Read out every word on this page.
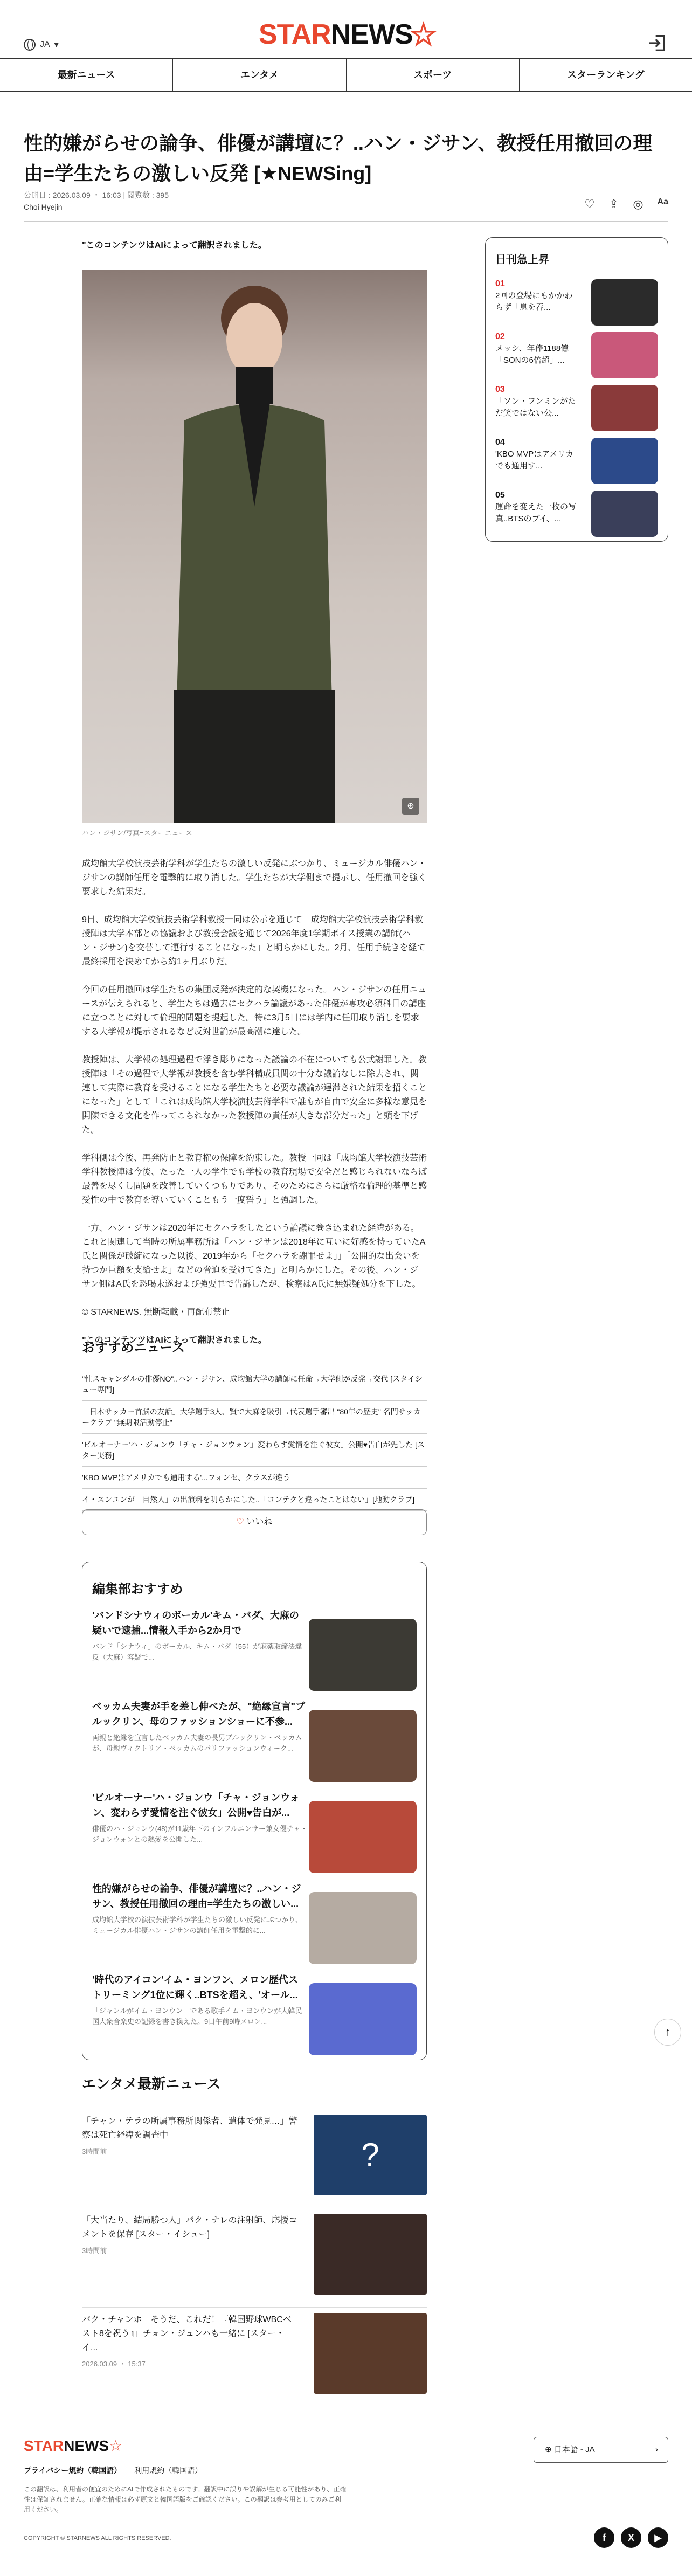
JA ▾	STAR NEWS
☆
最新ニュース	エンタメ	スポーツ	スターランキング
性的嫌がらせの論争、俳優が講壇に？..ハン・ジサン、教授任用撤回の理由=学生たちの激しい反発 [★NEWSing]
公開日 : 2026.03.09 ・ 16:03 | 閲覧数 : 395
Choi Hyejin	♡ ⇪ ◎ Aa
"このコンテンツはAIによって翻訳されました。
⊕
ハン・ジサン/写真=スターニュース

成均館大学校演技芸術学科が学生たちの激しい反発にぶつかり、ミュージカル俳優ハン・ジサンの講師任用を電撃的に取り消した。学生たちが大学側まで提示し、任用撤回を強く要求した結果だ。

9日、成均館大学校演技芸術学科教授一同は公示を通じて「成均館大学校演技芸術学科教授陣は大学本部との協議および教授会議を通じて2026年度1学期ボイス授業の講師(ハン・ジサン)を交替して運行することになった」と明らかにした。2月、任用手続きを経て最終採用を決めてから約1ヶ月ぶりだ。

今回の任用撤回は学生たちの集団反発が決定的な契機になった。ハン・ジサンの任用ニュースが伝えられると、学生たちは過去にセクハラ論議があった俳優が専攻必須科目の講座に立つことに対して倫理的問題を提起した。特に3月5日には学内に任用取り消しを要求する大学報が提示されるなど反対世論が最高潮に達した。

教授陣は、大学報の処理過程で浮き彫りになった議論の不在についても公式謝罪した。教授陣は「その過程で大学報が教授を含む学科構成員間の十分な議論なしに除去され、関連して実際に教育を受けることになる学生たちと必要な議論が遅滞された結果を招くことになった」として「これは成均館大学校演技芸術学科で誰もが自由で安全に多様な意見を開陳できる文化を作ってこられなかった教授陣の責任が大きな部分だった」と頭を下げた。

学科側は今後、再発防止と教育権の保障を約束した。教授一同は「成均館大学校演技芸術学科教授陣は今後、たった一人の学生でも学校の教育現場で安全だと感じられないならば最善を尽くし問題を改善していくつもりであり、そのためにさらに厳格な倫理的基準と感受性の中で教育を導いていくこともう一度誓う」と強調した。

一方、ハン・ジサンは2020年にセクハラをしたという論議に巻き込まれた経緯がある。これと関連して当時の所属事務所は「ハン・ジサンは2018年に互いに好感を持っていたA氏と関係が破綻になった以後、2019年から「セクハラを謝罪せよ」」「公開的な出会いを持つか巨額を支給せよ」などの脅迫を受けてきた」と明らかにした。その後、ハン・ジサン側はA氏を恐喝未遂および強要罪で告訴したが、検察はA氏に無嫌疑処分を下した。

© STARNEWS. 無断転載・再配布禁止

"このコンテンツはAIによって翻訳されました。

日刊急上昇
01
2回の登場にもかかわらず「息を吞...
02
メッシ、年俸1188億「SONの6倍超」...
03
「ソン・フンミンがただ笑ではない公...
04
'KBO MVPはアメリカでも通用す...
05
運命を変えた一枚の写真..BTSのブイ、...
おすすめニュース
"性スキャンダルの俳優NO"..ハン・ジサン、成均館大学の講師に任命→大学側が反発→交代 [スタイシュー専門]
「日本サッカー首脳の友話」大学選手3人、賢で大麻を吸引→代表選手審出 "80年の歴史" 名門サッカークラブ "無期限活動停止"
'ビルオーナー'ハ・ジョンウ「チャ・ジョンウォン」変わらず愛情を注ぐ彼女」公開♥告白が先した [スター実務]
'KBO MVPはアメリカでも通用する'...フォンセ、クラスが違う
イ・スンユンが「自然人」の出演料を明らかにした..「コンテクと違ったことはない」[地動クラブ]
♡ いいね
編集部おすすめ
'バンドシナウィのボーカル'キム・バダ、大麻の疑いで逮捕...情報入手から2か月で
バンド「シナウィ」のボーカル、キム・バダ（55）が麻薬取締法違反（大麻）容疑で...
ベッカム夫妻が手を差し伸べたが、"絶縁宣言"ブルックリン、母のファッションショーに不参...
両親と絶縁を宣言したベッカム夫妻の長男ブルックリン・ベッカムが、母親ヴィクトリア・ベッカムのパリファッションウィーク...
'ビルオーナー'ハ・ジョンウ「チャ・ジョンウォン、変わらず愛情を注ぐ彼女」公開♥告白が...
俳優のハ・ジョンウ(48)が11歳年下のインフルエンサー兼女優チャ・ジョンウォンとの熱愛を公開した...
性的嫌がらせの論争、俳優が講壇に？..ハン・ジサン、教授任用撤回の理由=学生たちの激しい...
成均館大学校の演技芸術学科が学生たちの激しい反発にぶつかり、ミュージカル俳優ハン・ジサンの講師任用を電撃的に...
'時代のアイコン'イム・ヨンフン、メロン歴代ストリーミング1位に輝く..BTSを超え、'オール...
「ジャンルがイム・ヨンウン」である歌手イム・ヨンウンが大韓民国大衆音楽史の記録を書き換えた。9日午前9時メロン...
エンタメ最新ニュース
「チャン・テラの所属事務所関係者、遺体で発見…」警察は死亡経緯を調査中
3時間前	?
「大当たり、結局勝つ人」パク・ナレの注射師、応援コメントを保存 [スター・イシュー]
3時間前
パク・チャンホ「そうだ、これだ！『韓国野球WBCベスト8を祝う』」チョン・ジュンハも一緒に [スター・イ...
2026.03.09 ・ 15:37
↑
STARNEWS☆
プライバシー規約（韓国語） 利用規約（韓国語）
この翻訳は、利用者の便宜のためにAIで作成されたものです。翻訳中に誤りや誤解が生じる可能性があり、正確性は保証されません。正確な情報は必ず原文と韓国語版をご確認ください。この翻訳は参考用としてのみご利用ください。
COPYRIGHT © STARNEWS ALL RIGHTS RESERVED.
⊕ 日本語 - JA	›
f	X	▶
